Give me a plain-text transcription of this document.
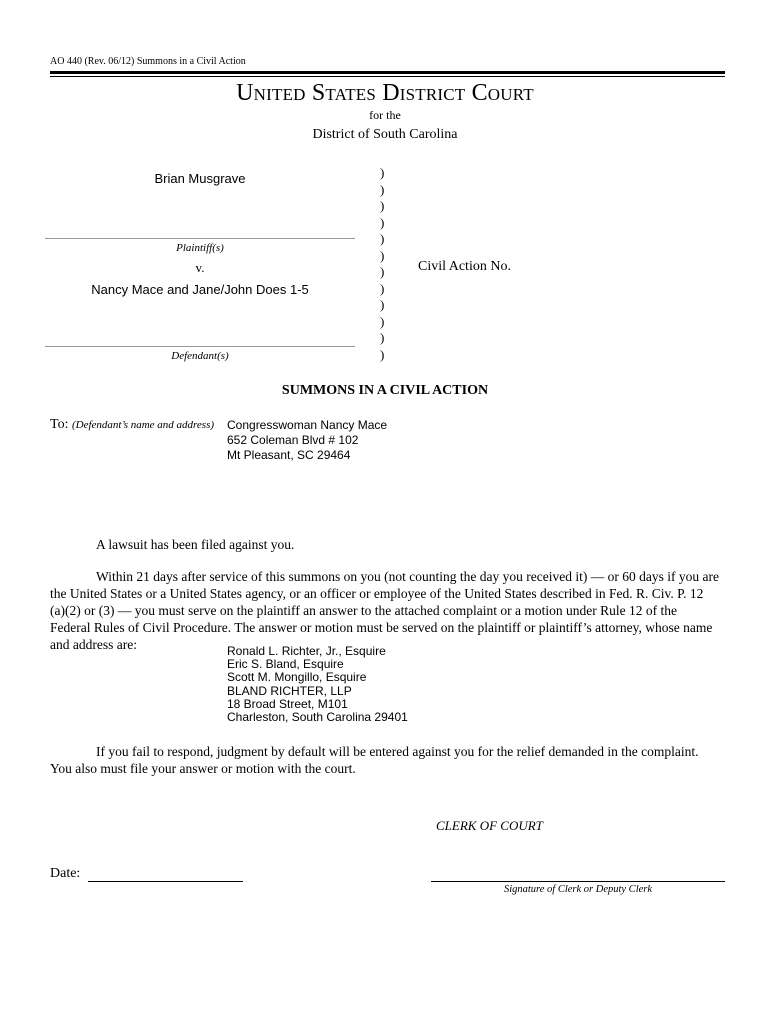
AO 440 (Rev. 06/12) Summons in a Civil Action
United States District Court
for the
District of South Carolina
Brian Musgrave
Plaintiff(s)
v.
Nancy Mace and Jane/John Does 1-5
Defendant(s)
)
)
)
)
)
)
)
)
)
)
)
)
Civil Action No.
SUMMONS IN A CIVIL ACTION
To: (Defendant’s name and address) Congresswoman Nancy Mace
652 Coleman Blvd # 102
Mt Pleasant, SC 29464
A lawsuit has been filed against you.
Within 21 days after service of this summons on you (not counting the day you received it) — or 60 days if you are the United States or a United States agency, or an officer or employee of the United States described in Fed. R. Civ. P. 12 (a)(2) or (3) — you must serve on the plaintiff an answer to the attached complaint or a motion under Rule 12 of the Federal Rules of Civil Procedure. The answer or motion must be served on the plaintiff or plaintiff’s attorney, whose name and address are:	Ronald L. Richter, Jr., Esquire
Eric S. Bland, Esquire
Scott M. Mongillo, Esquire
BLAND RICHTER, LLP
18 Broad Street, M101
Charleston, South Carolina 29401
If you fail to respond, judgment by default will be entered against you for the relief demanded in the complaint. You also must file your answer or motion with the court.
CLERK OF COURT
Date:
Signature of Clerk or Deputy Clerk
